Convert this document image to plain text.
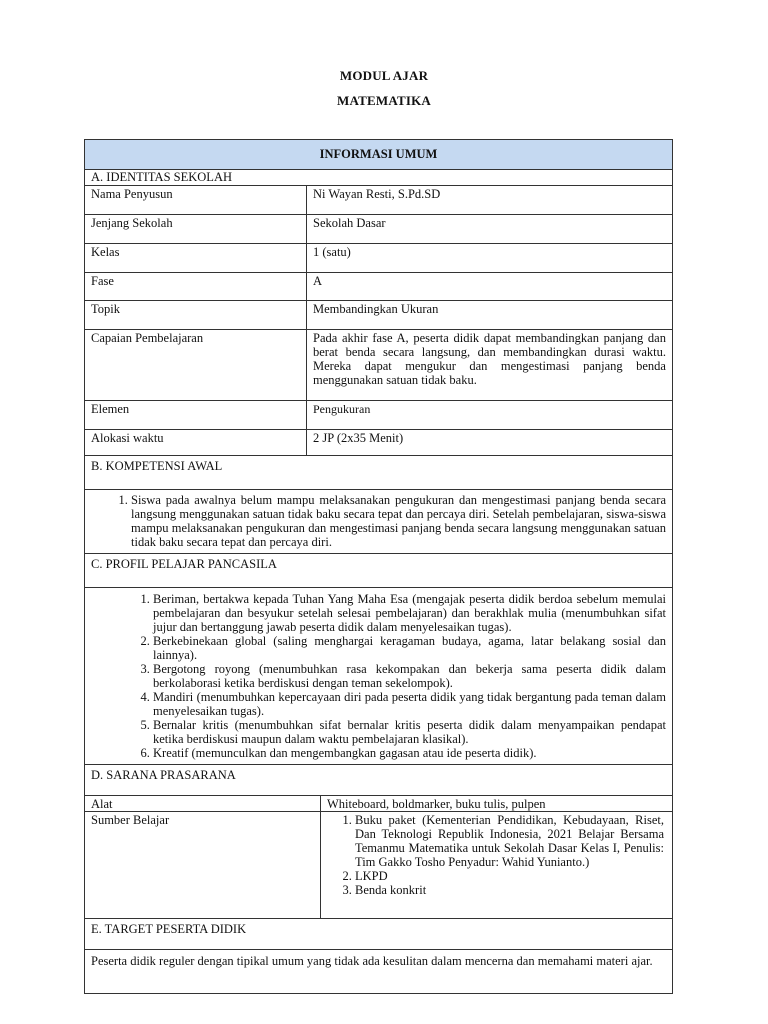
MODUL AJAR
MATEMATIKA
INFORMASI UMUM
A. IDENTITAS SEKOLAH
Nama Penyusun	Ni Wayan Resti, S.Pd.SD
Jenjang Sekolah	Sekolah Dasar
Kelas	1 (satu)
Fase	A
Topik	Membandingkan Ukuran
Capaian Pembelajaran	Pada akhir fase A, peserta didik dapat membandingkan panjang dan berat benda secara langsung, dan membandingkan durasi waktu. Mereka dapat mengukur dan mengestimasi panjang benda menggunakan satuan tidak baku.
Elemen	Pengukuran
Alokasi waktu	2 JP (2x35 Menit)
B. KOMPETENSI AWAL
1. Siswa pada awalnya belum mampu melaksanakan pengukuran dan mengestimasi panjang benda secara langsung menggunakan satuan tidak baku secara tepat dan percaya diri. Setelah pembelajaran, siswa-siswa mampu melaksanakan pengukuran dan mengestimasi panjang benda secara langsung menggunakan satuan tidak baku secara tepat dan percaya diri.
C. PROFIL PELAJAR PANCASILA
1. Beriman, bertakwa kepada Tuhan Yang Maha Esa (mengajak peserta didik berdoa sebelum memulai pembelajaran dan besyukur setelah selesai pembelajaran) dan berakhlak mulia (menumbuhkan sifat jujur dan bertanggung jawab peserta didik dalam menyelesaikan tugas).
2. Berkebinekaan global (saling menghargai keragaman budaya, agama, latar belakang sosial dan lainnya).
3. Bergotong royong (menumbuhkan rasa kekompakan dan bekerja sama peserta didik dalam berkolaborasi ketika berdiskusi dengan teman sekelompok).
4. Mandiri (menumbuhkan kepercayaan diri pada peserta didik yang tidak bergantung pada teman dalam menyelesaikan tugas).
5. Bernalar kritis (menumbuhkan sifat bernalar kritis peserta didik dalam menyampaikan pendapat ketika berdiskusi maupun dalam waktu pembelajaran klasikal).
6. Kreatif (memunculkan dan mengembangkan gagasan atau ide peserta didik).
D. SARANA PRASARANA
Alat	Whiteboard, boldmarker, buku tulis, pulpen
Sumber Belajar
1.	Buku paket (Kementerian Pendidikan, Kebudayaan, Riset, Dan Teknologi Republik Indonesia, 2021 Belajar Bersama Temanmu Matematika untuk Sekolah Dasar Kelas I, Penulis: Tim Gakko Tosho Penyadur: Wahid Yunianto.)
2. LKPD
3. Benda konkrit
E. TARGET PESERTA DIDIK
Peserta didik reguler dengan tipikal umum yang tidak ada kesulitan dalam mencerna dan memahami materi ajar.
